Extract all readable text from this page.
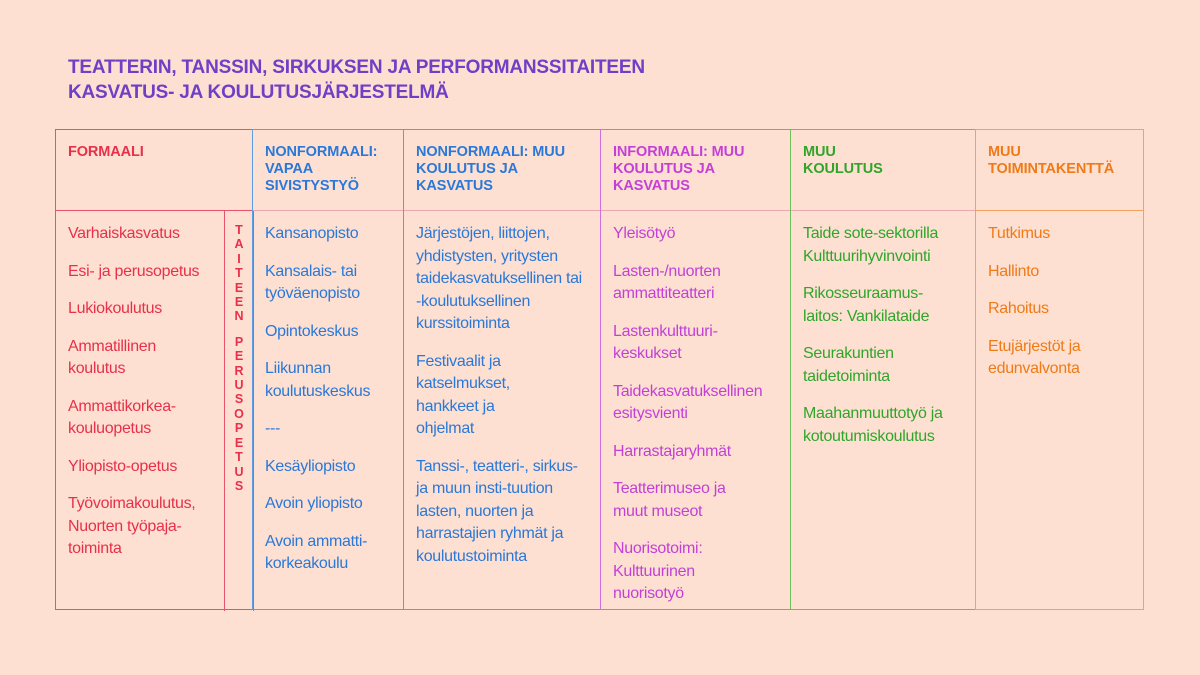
TEATTERIN, TANSSIN, SIRKUKSEN JA PERFORMANSSITAITEEN
KASVATUS- JA KOULUTUSJÄRJESTELMÄ
FORMAALI
Varhaiskasvatus
Esi- ja perusopetus
Lukiokoulutus
Ammatillinen koulutus
Ammattikorkea-kouluopetus
Yliopisto-opetus
Työvoimakoulutus, Nuorten työpaja-toiminta
T
A
I
T
E
E
N

P
E
R
U
S
O
P
E
T
U
S
NONFORMAALI: VAPAA SIVISTYSTYÖ
Kansanopisto
Kansalais- tai työväenopisto
Opintokeskus
Liikunnan koulutuskeskus
---
Kesäyliopisto
Avoin yliopisto
Avoin ammatti-korkeakoulu
NONFORMAALI: MUU KOULUTUS JA KASVATUS
Järjestöjen, liittojen, yhdistysten, yritysten taidekasvatuksellinen tai -koulutuksellinen kurssitoiminta
Festivaalit ja katselmukset, hankkeet ja ohjelmat
Tanssi-, teatteri-, sirkus- ja muun insti-tuution lasten, nuorten ja harrastajien ryhmät ja koulutustoiminta
INFORMAALI: MUU KOULUTUS JA KASVATUS
Yleisötyö
Lasten-/nuorten ammattiteatteri
Lastenkulttuuri-keskukset
Taidekasvatuksellinen esitysvienti
Harrastajaryhmät
Teatterimuseo ja muut museot
Nuorisotoimi: Kulttuurinen nuorisotyö
MUU KOULUTUS
Taide sote-sektorilla Kulttuurihyvinvointi
Rikosseuraamus-laitos: Vankilataide
Seurakuntien taidetoiminta
Maahanmuuttotyö ja kotoutumiskoulutus
MUU TOIMINTAKENTTÄ
Tutkimus
Hallinto
Rahoitus
Etujärjestöt ja edunvalvonta
